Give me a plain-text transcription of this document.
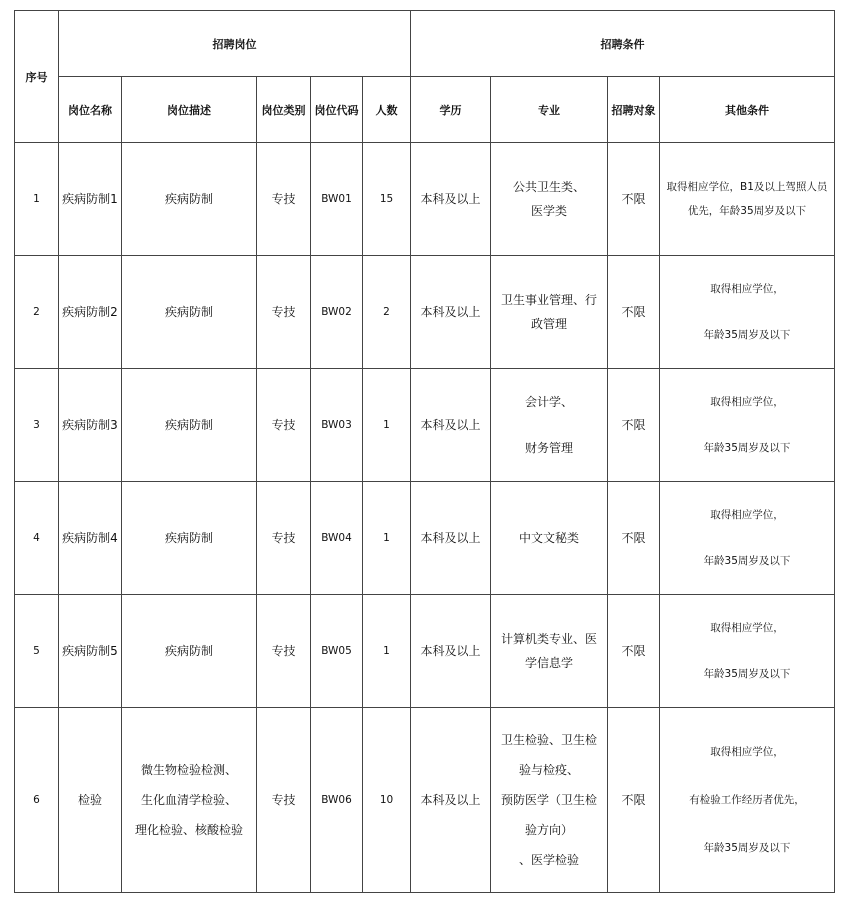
序号	招聘岗位					招聘条件			
	岗位名称	岗位描述	岗位类别	岗位代码	人数	学历	专业	招聘对象	其他条件
1	疾病防制1	疾病防制	专技	BW01	15	本科及以上	公共卫生类、
医学类	不限	取得相应学位，B1及以上驾照人员
优先，年龄35周岁及以下

2	疾病防制2	疾病防制	专技	BW02	2	本科及以上	卫生事业管理、行
政管理	不限	取得相应学位，
年龄35周岁及以下

3	疾病防制3	疾病防制	专技	BW03	1	本科及以上	会计学、
财务管理	不限	取得相应学位，
年龄35周岁及以下

4	疾病防制4	疾病防制	专技	BW04	1	本科及以上	中文文秘类	不限	取得相应学位，
年龄35周岁及以下

5	疾病防制5	疾病防制	专技	BW05	1	本科及以上	计算机类专业、医
学信息学	不限	取得相应学位，
年龄35周岁及以下

6	检验	微生物检验检测、
生化血清学检验、
理化检验、核酸检验	专技	BW06	10	本科及以上	卫生检验、卫生检
验与检疫、
预防医学（卫生检
验方向）
、医学检验	不限	取得相应学位，
有检验工作经历者优先，
年龄35周岁及以下
